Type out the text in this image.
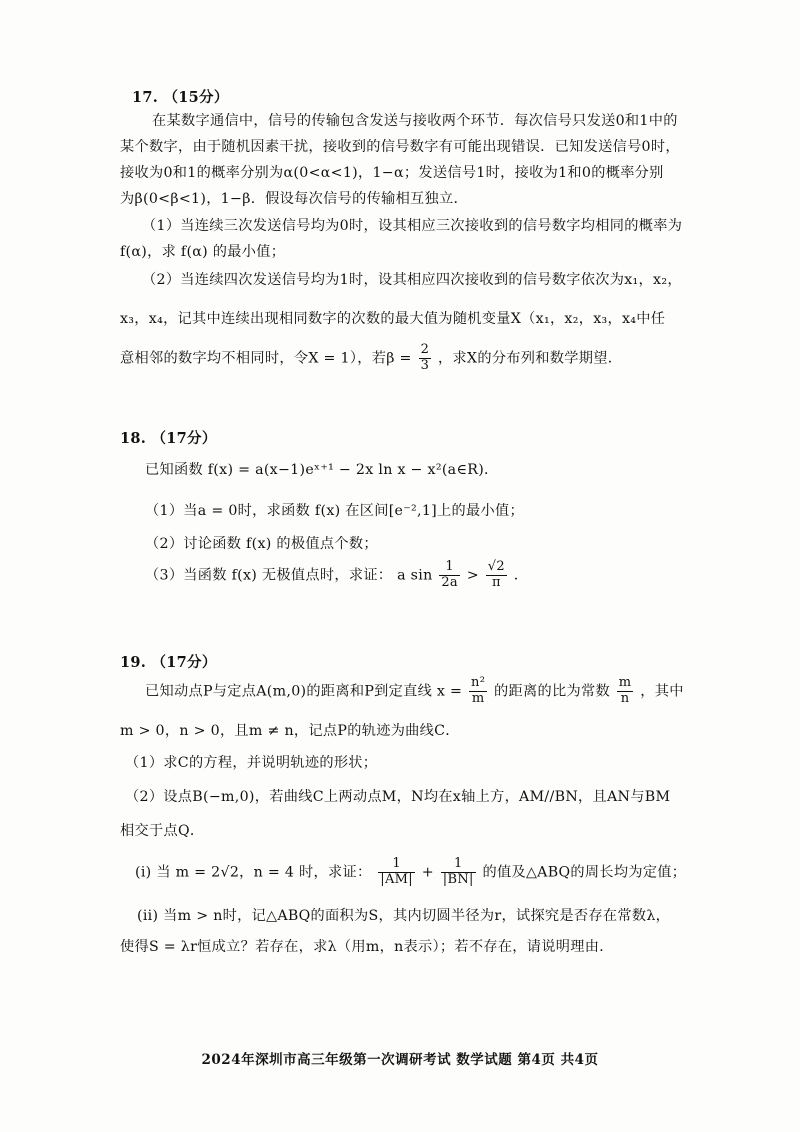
17. （15分）
在某数字通信中，信号的传输包含发送与接收两个环节．每次信号只发送0和1中的
某个数字，由于随机因素干扰，接收到的信号数字有可能出现错误．已知发送信号0时，
接收为0和1的概率分别为α(0<α<1)，1−α；发送信号1时，接收为1和0的概率分别
为β(0<β<1)，1−β．假设每次信号的传输相互独立．
（1）当连续三次发送信号均为0时，设其相应三次接收到的信号数字均相同的概率为
f(α)，求 f(α) 的最小值；
（2）当连续四次发送信号均为1时，设其相应四次接收到的信号数字依次为x₁，x₂，
x₃，x₄，记其中连续出现相同数字的次数的最大值为随机变量X（x₁，x₂，x₃，x₄中任
意相邻的数字均不相同时，令X = 1），若$\beta = \frac{2}{3}$ ，求X的分布列和数学期望．
18. （17分）
已知函数 f(x) = a(x−1)eˣ⁺¹ − 2x ln x − x²(a∈R)．
（1）当a = 0时，求函数 f(x) 在区间[e⁻²,1]上的最小值；
（2）讨论函数 f(x) 的极值点个数；
（3）当函数 f(x) 无极值点时，求证： a $\sin \frac{1}{2a} > \frac{√2}{\pi}$ ．
19. （17分）
已知动点P与定点A(m,0)的距离和P到定直线 $x = \frac{\text{n²}}{m}$ 的距离的比为常数 $\frac{m}{n}$ ，其中
m > 0，n > 0，且m ≠ n，记点P的轨迹为曲线C．
（1）求C的方程，并说明轨迹的形状；
（2）设点B(−m,0)，若曲线C上两动点M，N均在x轴上方，AM//BN，且AN与BM
相交于点Q．
(i) 当 m = 2√2，n = 4 时，求证： $\frac{1}{|AM|} + \frac{1}{|BN|}$ 的值及△ABQ的周长均为定值；
(ii) 当m > n时，记△ABQ的面积为S，其内切圆半径为r，试探究是否存在常数λ，
使得S = λr恒成立？若存在，求λ（用m，n表示）；若不存在，请说明理由．
2024年深圳市高三年级第一次调研考试 数学试题 第4页 共4页
